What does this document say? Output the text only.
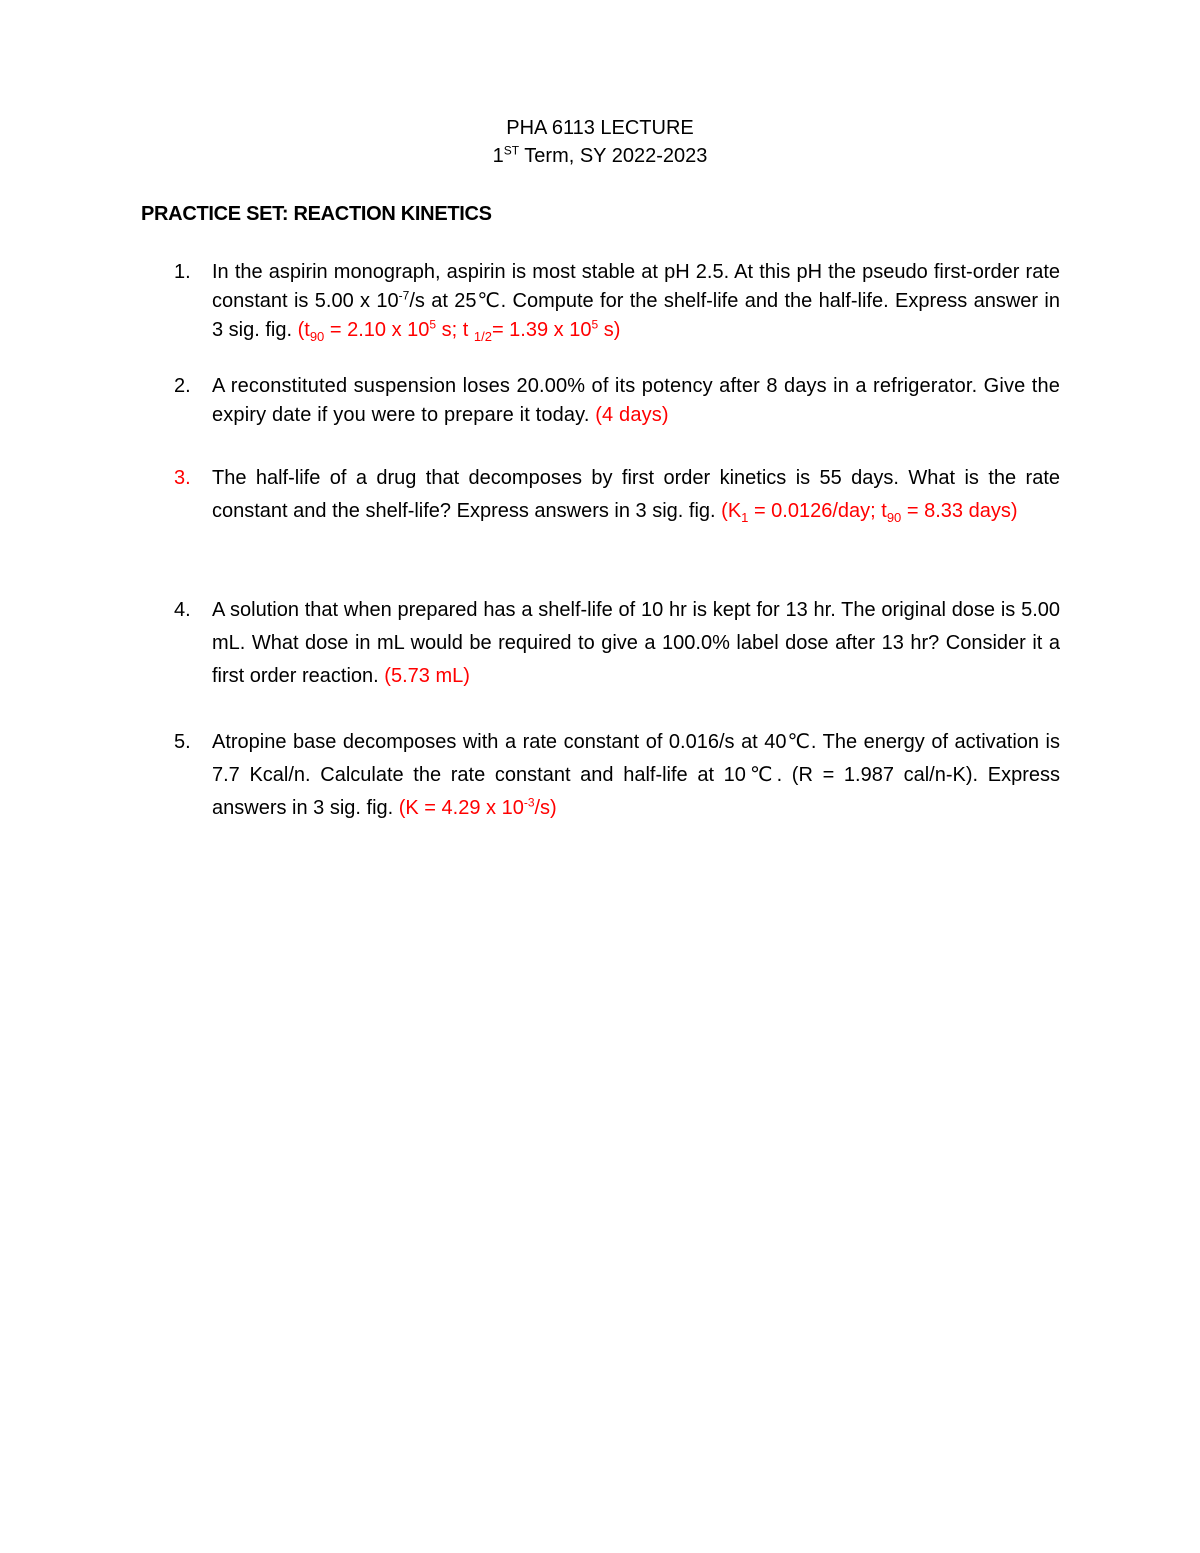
PHA 6113 LECTURE
1ST Term, SY 2022-2023
PRACTICE SET: REACTION KINETICS
1.	In the aspirin monograph, aspirin is most stable at pH 2.5. At this pH the pseudo first-order rate constant is 5.00 x $10^{-7}/s$ at 25℃. Compute for the shelf-life and the half-life. Express answer in 3 sig. fig. ($t_{90} = 2.10$ x $10^5$ s; t $_{1/2}$= 1.39 x $10^5$ s)
2.	A reconstituted suspension loses 20.00% of its potency after 8 days in a refrigerator. Give the expiry date if you were to prepare it today. (4 days)
3.	The half-life of a drug that decomposes by first order kinetics is 55 days. What is the rate constant and the shelf-life? Express answers in 3 sig. fig. ($K_1 = 0.0126/day$; $t_{90} = 8.33$ days)
4.	A solution that when prepared has a shelf-life of 10 hr is kept for 13 hr. The original dose is 5.00 mL. What dose in mL would be required to give a 100.0% label dose after 13 hr? Consider it a first order reaction. (5.73 mL)
5.	Atropine base decomposes with a rate constant of 0.016/s at 40℃. The energy of activation is 7.7 Kcal/n. Calculate the rate constant and half-life at 10℃. (R = 1.987 cal/n-K). Express answers in 3 sig. fig. (K = 4.29 x $10^{-3}/s$)
